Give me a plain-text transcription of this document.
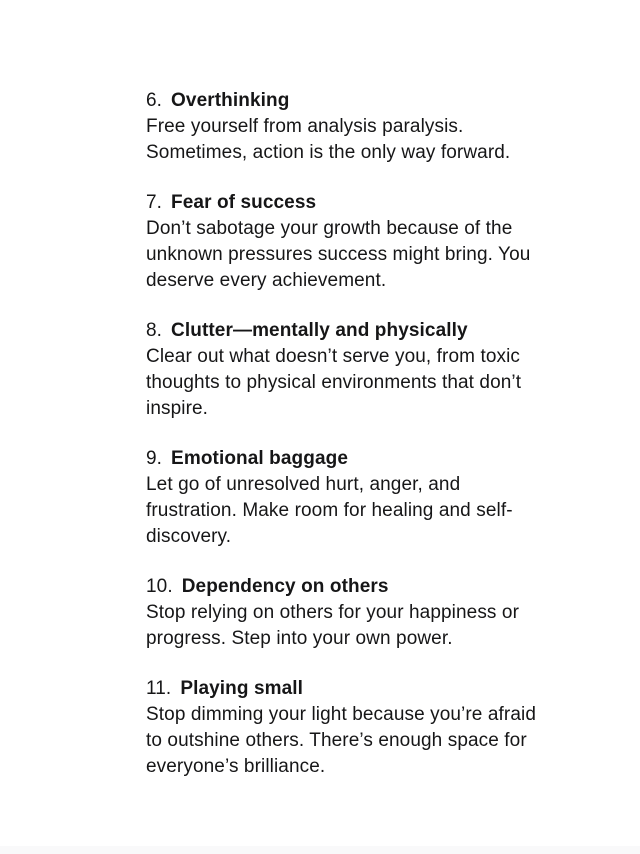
6. Overthinking
Free yourself from analysis paralysis. Sometimes, action is the only way forward.
7. Fear of success
Don’t sabotage your growth because of the unknown pressures success might bring. You deserve every achievement.
8. Clutter—mentally and physically
Clear out what doesn’t serve you, from toxic thoughts to physical environments that don’t inspire.
9. Emotional baggage
Let go of unresolved hurt, anger, and frustration. Make room for healing and self-discovery.
10. Dependency on others
Stop relying on others for your happiness or progress. Step into your own power.
11. Playing small
Stop dimming your light because you’re afraid to outshine others. There’s enough space for everyone’s brilliance.
